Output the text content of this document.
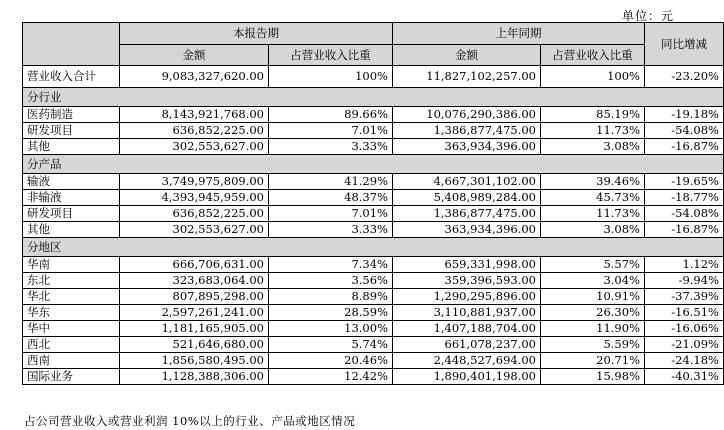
单位：元
	本报告期		上年同期		同比增减
	金额	占营业收入比重	金额	占营业收入比重	
营业收入合计	9,083,327,620.00	100%	11,827,102,257.00	100%	-23.20%
分行业					
医药制造	8,143,921,768.00	89.66%	10,076,290,386.00	85.19%	-19.18%
研发项目	636,852,225.00	7.01%	1,386,877,475.00	11.73%	-54.08%
其他	302,553,627.00	3.33%	363,934,396.00	3.08%	-16.87%
分产品					
输液	3,749,975,809.00	41.29%	4,667,301,102.00	39.46%	-19.65%
非输液	4,393,945,959.00	48.37%	5,408,989,284.00	45.73%	-18.77%
研发项目	636,852,225.00	7.01%	1,386,877,475.00	11.73%	-54.08%
其他	302,553,627.00	3.33%	363,934,396.00	3.08%	-16.87%
分地区					
华南	666,706,631.00	7.34%	659,331,998.00	5.57%	1.12%
东北	323,683,064.00	3.56%	359,396,593.00	3.04%	-9.94%
华北	807,895,298.00	8.89%	1,290,295,896.00	10.91%	-37.39%
华东	2,597,261,241.00	28.59%	3,110,881,937.00	26.30%	-16.51%
华中	1,181,165,905.00	13.00%	1,407,188,704.00	11.90%	-16.06%
西北	521,646,680.00	5.74%	661,078,237.00	5.59%	-21.09%
西南	1,856,580,495.00	20.46%	2,448,527,694.00	20.71%	-24.18%
国际业务	1,128,388,306.00	12.42%	1,890,401,198.00	15.98%	-40.31%
占公司营业收入或营业利润 10%以上的行业、产品或地区情况
